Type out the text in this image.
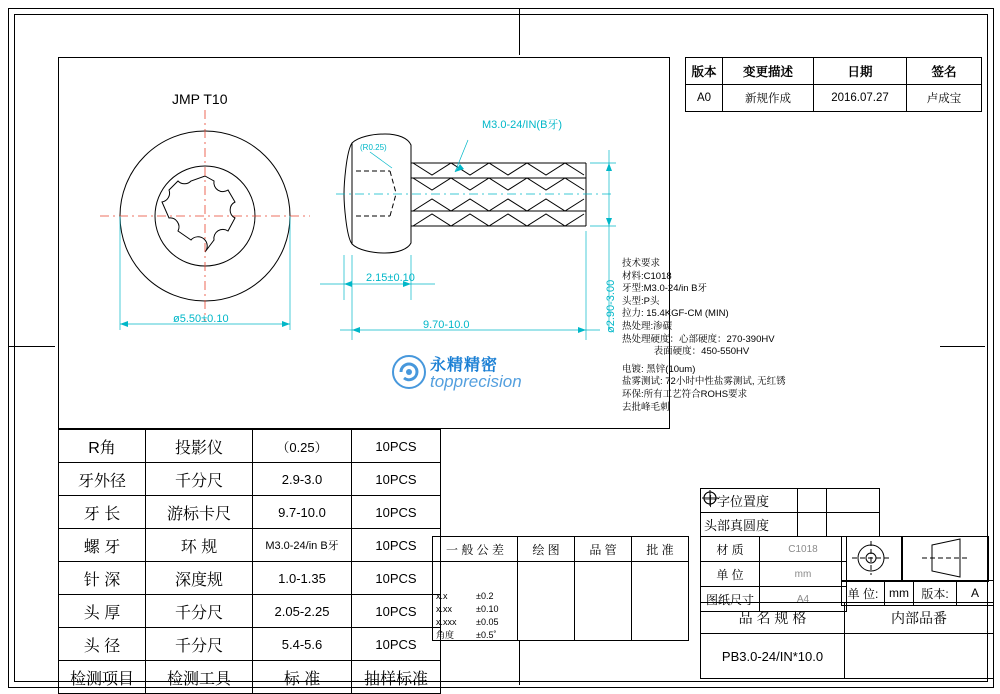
ø5.50±0.10
(R0.25)
M3.0-24/IN(B牙)
2.15±0.10
9.70-10.0	ø2.90-3.00
JMP T10
永精精密
topprecision
技术要求
材料:C1018
牙型:M3.0-24/in B牙
头型:P头
拉力: 15.4KGF-CM (MIN)
热处理:渗碳
热处理硬度：心部硬度：270-390HV
表面硬度：450-550HV
电镀: 黑锌(10um)
盐雾测试: 72小时中性盐雾测试, 无红锈
环保:所有工艺符合ROHS要求
去批峰毛刺
版本	变更描述	日期	签名
A0	新规作成	2016.07.27	卢成宝
R角	投影仪	（0.25）	10PCS
牙外径	千分尺	2.9-3.0	10PCS
牙 长	游标卡尺	9.7-10.0	10PCS
螺 牙	环 规	M3.0-24/in B牙	10PCS
针 深	深度规	1.0-1.35	10PCS
头 厚	千分尺	2.05-2.25	10PCS
头 径	千分尺	5.4-5.6	10PCS
检测项目	检测工具	标 准	抽样标准
十字位置度	

头部真圆度	

一 般 公 差	绘 图	品 管	批 准

x.x	±0.2
x.xx	±0.10
x.xxx ±0.05
角度 ±0.5˚
材 质	C1018
单 位	mm
图纸尺寸	A4	单 位:	mm	版本:	A
品 名 规 格	内部品番
PB3.0-24/IN*10.0	
